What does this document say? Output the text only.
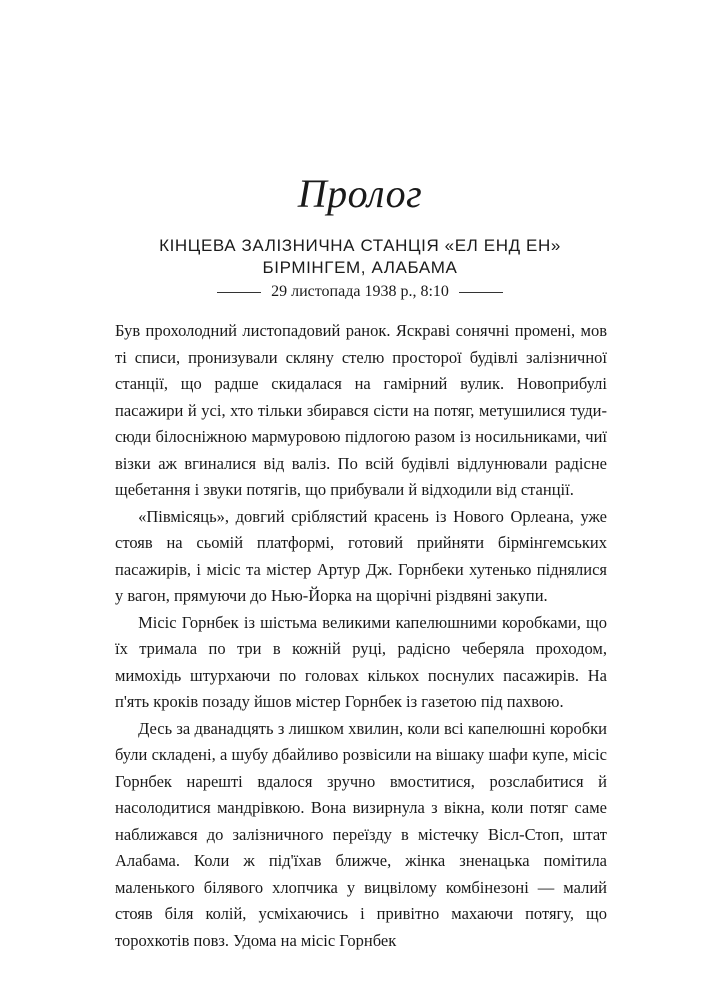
Пролог
КІНЦЕВА ЗАЛІЗНИЧНА СТАНЦІЯ «ЕЛ ЕНД ЕН»
БІРМІНГЕМ, АЛАБАМА
29 листопада 1938 р., 8:10

Був прохолодний листопадовий ранок. Яскраві сонячні промені, мов ті списи, пронизували скляну стелю просторої будівлі залізничної станції, що радше скидалася на гамірний вулик. Новоприбулі пасажири й усі, хто тільки збирався сісти на потяг, метушилися туди-сюди білосніжною мармуровою підлогою разом із носильниками, чиї візки аж вгиналися від валіз. По всій будівлі відлунювали радісне щебетання і звуки потягів, що прибували й відходили від станції.

«Півмісяць», довгий сріблястий красень із Нового Орлеана, уже стояв на сьомій платформі, готовий прийняти бірмінгемських пасажирів, і місіс та містер Артур Дж. Горнбеки хутенько піднялися у вагон, прямуючи до Нью-Йорка на щорічні різдвяні закупи.

Місіс Горнбек із шістьма великими капелюшними коробками, що їх тримала по три в кожній руці, радісно чеберяла проходом, мимохідь штурхаючи по головах кількох поснулих пасажирів. На п'ять кроків позаду йшов містер Горнбек із газетою під пахвою.

Десь за дванадцять з лишком хвилин, коли всі капелюшні коробки були складені, а шубу дбайливо розвісили на вішаку шафи купе, місіс Горнбек нарешті вдалося зручно вмоститися, розслабитися й насолодитися мандрівкою. Вона визирнула з вікна, коли потяг саме наближався до залізничного переїзду в містечку Вісл-Стоп, штат Алабама. Коли ж під'їхав ближче, жінка зненацька помітила маленького білявого хлопчика у вицвілому комбінезоні — малий стояв біля колій, усміхаючись і привітно махаючи потягу, що торохкотів повз. Удома на місіс Горнбек
